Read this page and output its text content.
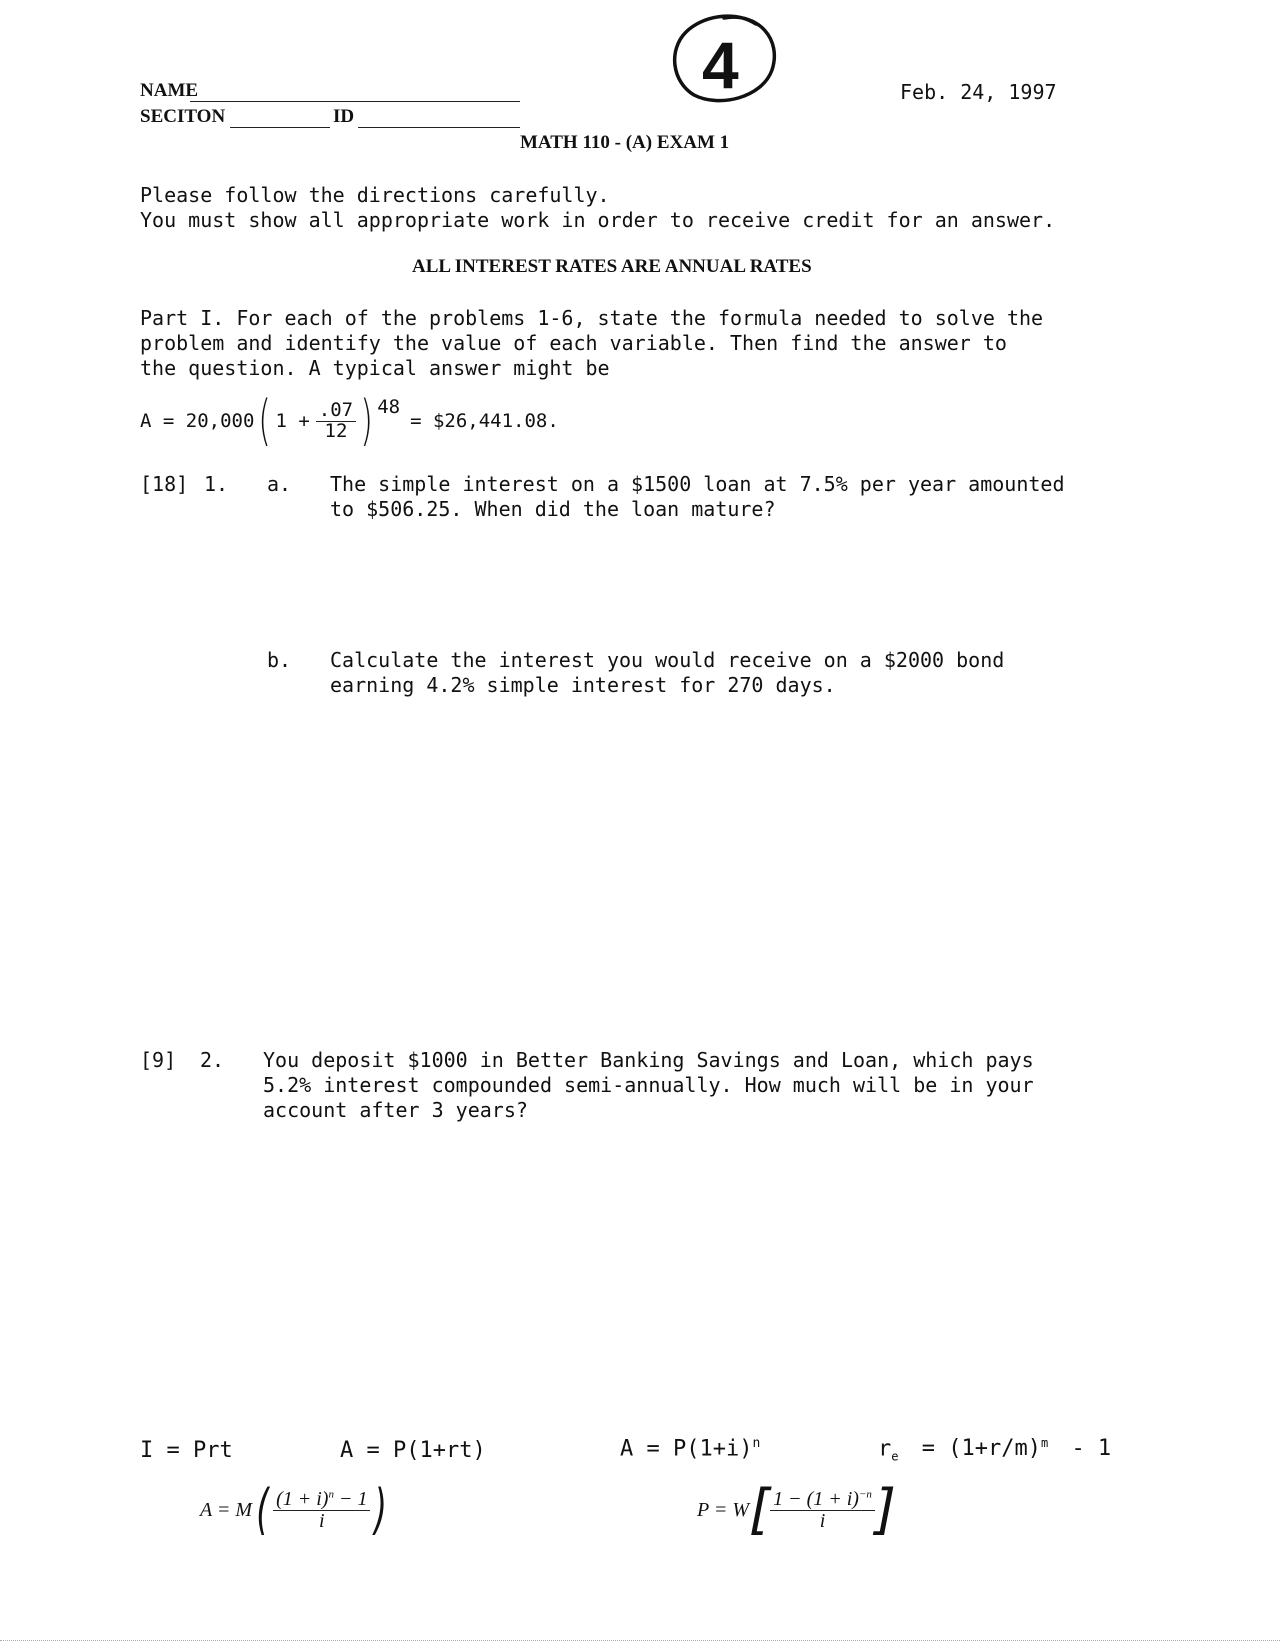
NAME
SECITON	ID
4	Feb. 24, 1997
MATH 110 - (A) EXAM 1
Please follow the directions carefully.
You must show all appropriate work in order to receive credit for an answer.
ALL INTEREST RATES ARE ANNUAL RATES
Part I. For each of the problems 1-6, state the formula needed to solve the
problem and identify the value of each variable. Then find the answer to
the question. A typical answer might be
A = 20,000 ( $1 + \frac{.07}{12}$ ) 48
= $26,441.08.
[18] 1. a. The simple interest on a $1500 loan at 7.5% per year amounted
to $506.25. When did the loan mature?
b. Calculate the interest you would receive on a $2000 bond
earning 4.2% simple interest for 270 days.
[9] 2. You deposit $1000 in Better Banking Savings and Loan, which pays
5.2% interest compounded semi-annually. How much will be in your
account after 3 years?
I = Prt	A = P(1+rt)	$A = P(1+i)^n$	$r_e = (1+r/m)^m - 1$
A = M ( $\frac{(1 + i)^n - 1}{i}$ )	P = W [ $\frac{1 - (1 + i)^{-n}}{i}$ ]
